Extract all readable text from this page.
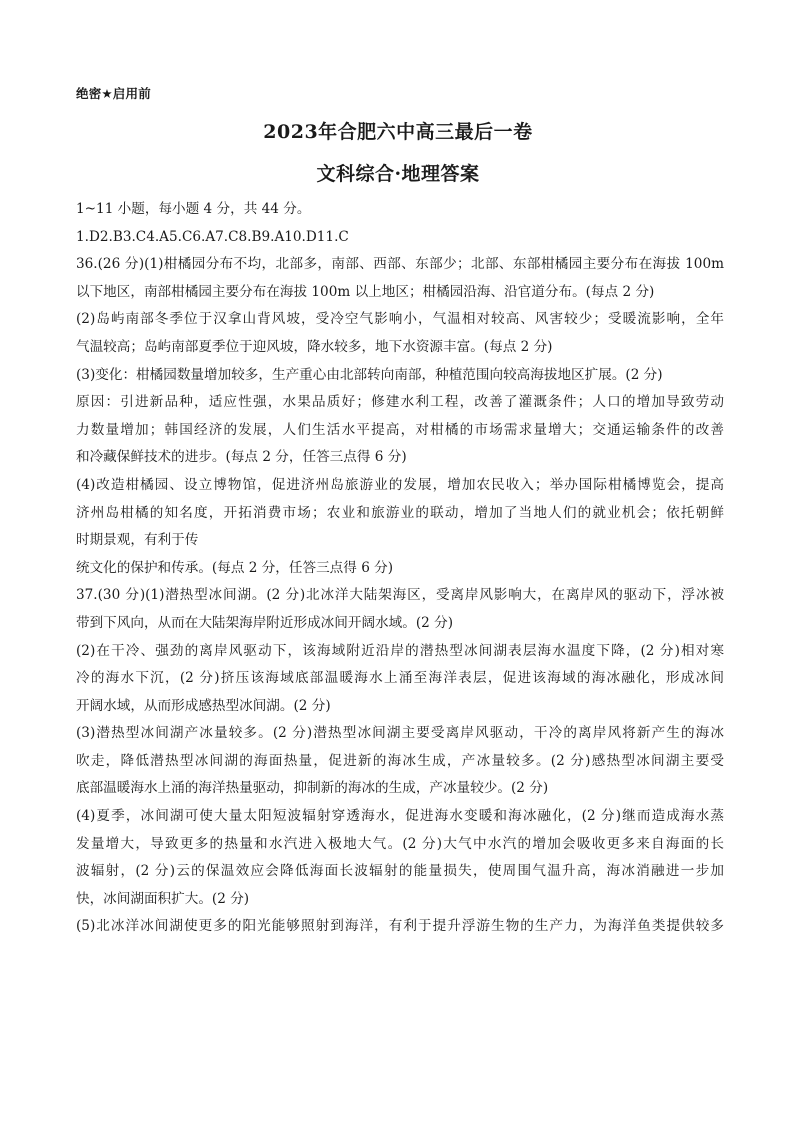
绝密★启用前
2023年合肥六中高三最后一卷
文科综合·地理答案

1~11 小题，每小题 4 分，共 44 分。

1.D2.B3.C4.A5.C6.A7.C8.B9.A10.D11.C

36.(26 分)(1)柑橘园分布不均，北部多，南部、西部、东部少；北部、东部柑橘园主要分布在海拔 100m

以下地区，南部柑橘园主要分布在海拔 100m 以上地区；柑橘园沿海、沿官道分布。(每点 2 分)

(2)岛屿南部冬季位于汉拿山背风坡，受冷空气影响小，气温相对较高、风害较少；受暖流影响，全年

气温较高；岛屿南部夏季位于迎风坡，降水较多，地下水资源丰富。(每点 2 分)

(3)变化：柑橘园数量增加较多，生产重心由北部转向南部，种植范围向较高海拔地区扩展。(2 分)

原因：引进新品种，适应性强，水果品质好；修建水利工程，改善了灌溉条件；人口的增加导致劳动

力数量增加；韩国经济的发展，人们生活水平提高，对柑橘的市场需求量增大；交通运输条件的改善

和冷藏保鲜技术的进步。(每点 2 分，任答三点得 6 分)

(4)改造柑橘园、设立博物馆，促进济州岛旅游业的发展，增加农民收入；举办国际柑橘博览会，提高

济州岛柑橘的知名度，开拓消费市场；农业和旅游业的联动，增加了当地人们的就业机会；依托朝鲜

时期景观，有利于传

统文化的保护和传承。(每点 2 分，任答三点得 6 分)

37.(30 分)(1)潜热型冰间湖。(2 分)北冰洋大陆架海区，受离岸风影响大，在离岸风的驱动下，浮冰被

带到下风向，从而在大陆架海岸附近形成冰间开阔水域。(2 分)

(2)在干冷、强劲的离岸风驱动下，该海域附近沿岸的潜热型冰间湖表层海水温度下降，(2 分)相对寒

冷的海水下沉，(2 分)挤压该海域底部温暖海水上涌至海洋表层，促进该海域的海冰融化，形成冰间

开阔水域，从而形成感热型冰间湖。(2 分)

(3)潜热型冰间湖产冰量较多。(2 分)潜热型冰间湖主要受离岸风驱动，干冷的离岸风将新产生的海冰

吹走，降低潜热型冰间湖的海面热量，促进新的海冰生成，产冰量较多。(2 分)感热型冰间湖主要受

底部温暖海水上涌的海洋热量驱动，抑制新的海冰的生成，产冰量较少。(2 分)

(4)夏季，冰间湖可使大量太阳短波辐射穿透海水，促进海水变暖和海冰融化，(2 分)继而造成海水蒸

发量增大，导致更多的热量和水汽进入极地大气。(2 分)大气中水汽的增加会吸收更多来自海面的长

波辐射，(2 分)云的保温效应会降低海面长波辐射的能量损失，使周围气温升高，海冰消融进一步加

快，冰间湖面积扩大。(2 分)

(5)北冰洋冰间湖使更多的阳光能够照射到海洋，有利于提升浮游生物的生产力，为海洋鱼类提供较多
